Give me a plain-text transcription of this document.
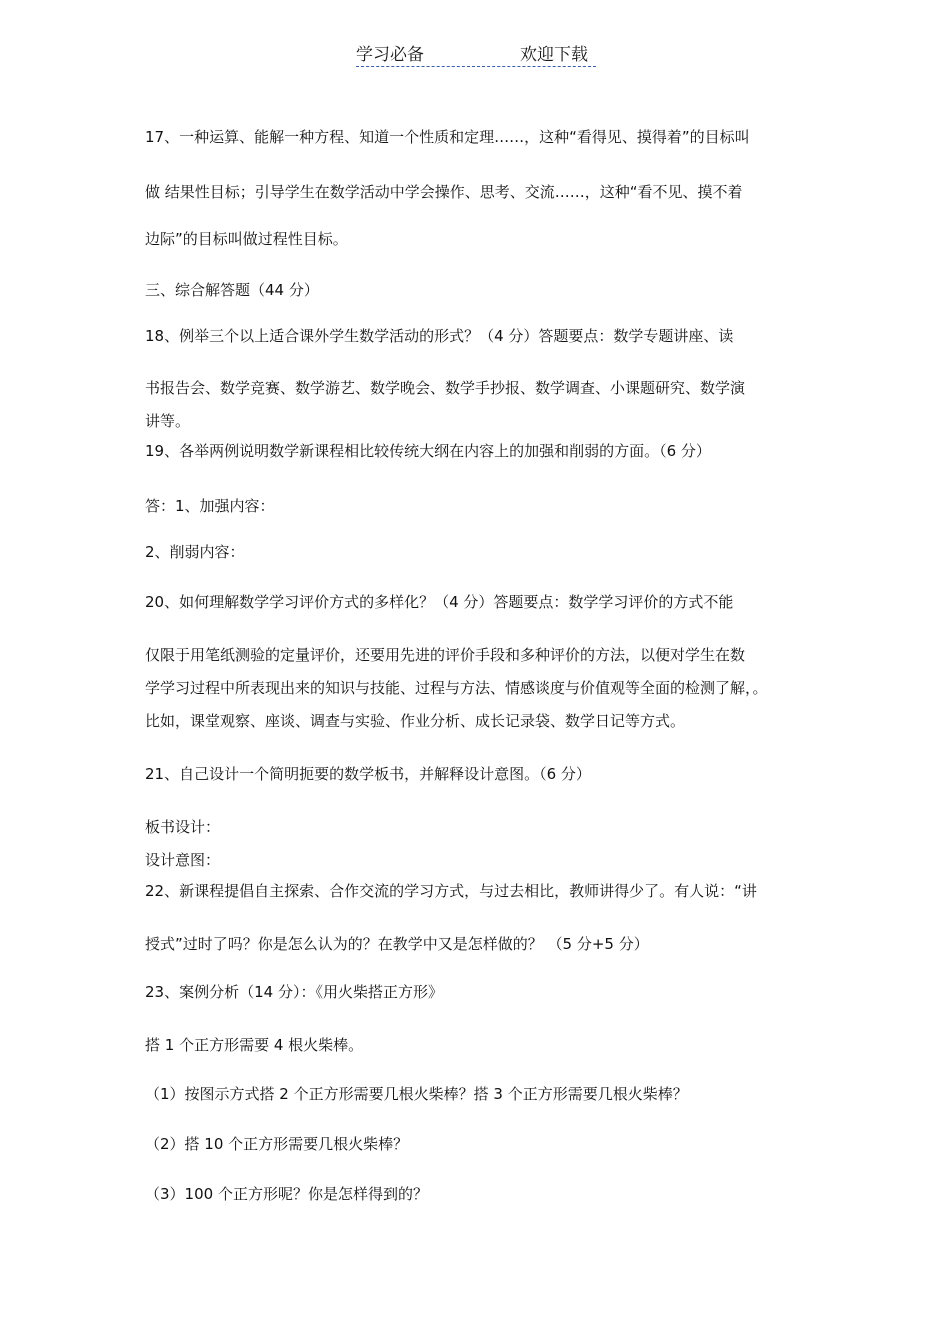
学习必备	欢迎下载
17、一种运算、能解一种方程、知道一个性质和定理……，这种“看得见、摸得着”的目标叫
做 结果性目标；引导学生在数学活动中学会操作、思考、交流……，这种“看不见、摸不着
边际”的目标叫做过程性目标。
三、综合解答题（44 分）
18、例举三个以上适合课外学生数学活动的形式？（4 分）答题要点：数学专题讲座、读
书报告会、数学竞赛、数学游艺、数学晚会、数学手抄报、数学调查、小课题研究、数学演
讲等。
19、各举两例说明数学新课程相比较传统大纲在内容上的加强和削弱的方面。（6 分）
答：1、加强内容：
2、削弱内容：
20、如何理解数学学习评价方式的多样化？（4 分）答题要点：数学学习评价的方式不能
仅限于用笔纸测验的定量评价，还要用先进的评价手段和多种评价的方法，以便对学生在数
学学习过程中所表现出来的知识与技能、过程与方法、情感谈度与价值观等全面的检测了解，。
比如，课堂观察、座谈、调查与实验、作业分析、成长记录袋、数学日记等方式。
21、自己设计一个简明扼要的数学板书，并解释设计意图。（6 分）
板书设计：
设计意图：
22、新课程提倡自主探索、合作交流的学习方式，与过去相比，教师讲得少了。有人说：“讲
授式”过时了吗？你是怎么认为的？在教学中又是怎样做的？ （5 分+5 分）
23、案例分析（14 分）：《用火柴搭正方形》
搭 1 个正方形需要 4 根火柴棒。
（1）按图示方式搭 2 个正方形需要几根火柴棒？搭 3 个正方形需要几根火柴棒？
（2）搭 10 个正方形需要几根火柴棒？
（3）100 个正方形呢？你是怎样得到的？
